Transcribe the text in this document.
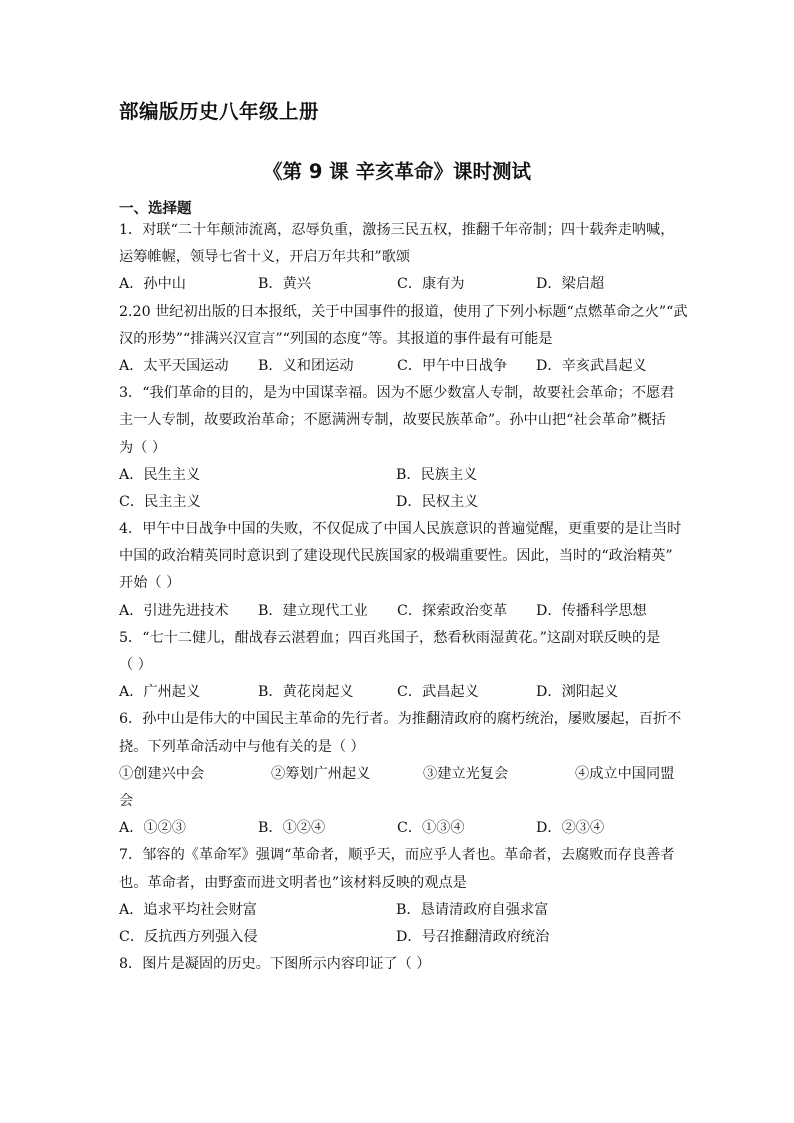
部编版历史八年级上册
《第 9 课 辛亥革命》课时测试
一、选择题
1．对联“二十年颠沛流离，忍辱负重，激扬三民五权，推翻千年帝制；四十载奔走呐喊，
运筹帷幄，领导七省十义，开启万年共和”歌颂
A．孙中山	B．黄兴	C．康有为	D．梁启超
2.20 世纪初出版的日本报纸，关于中国事件的报道，使用了下列小标题“点燃革命之火”“武
汉的形势”“排满兴汉宣言”“列国的态度”等。其报道的事件最有可能是
A．太平天国运动	B．义和团运动	C．甲午中日战争	D．辛亥武昌起义
3．“我们革命的目的，是为中国谋幸福。因为不愿少数富人专制，故要社会革命；不愿君
主一人专制，故要政治革命；不愿满洲专制，故要民族革命”。孙中山把“社会革命”概括
为（ ）
A．民生主义	B．民族主义
C．民主主义	D．民权主义
4．甲午中日战争中国的失败，不仅促成了中国人民族意识的普遍觉醒，更重要的是让当时
中国的政治精英同时意识到了建设现代民族国家的极端重要性。因此，当时的“政治精英”
开始（ ）
A．引进先进技术	B．建立现代工业	C．探索政治变革	D．传播科学思想
5．“七十二健儿，酣战春云湛碧血；四百兆国子，愁看秋雨湿黄花。”这副对联反映的是
（ ）
A．广州起义	B．黄花岗起义	C．武昌起义	D．浏阳起义
6．孙中山是伟大的中国民主革命的先行者。为推翻清政府的腐朽统治，屡败屡起，百折不
挠。下列革命活动中与他有关的是（ ）
①创建兴中会	②筹划广州起义	③建立光复会	④成立中国同盟
会
A．①②③	B．①②④	C．①③④	D．②③④
7．邹容的《革命军》强调“革命者，顺乎天，而应乎人者也。革命者，去腐败而存良善者
也。革命者，由野蛮而进文明者也”该材料反映的观点是
A．追求平均社会财富	B．恳请清政府自强求富
C．反抗西方列强入侵	D．号召推翻清政府统治
8．图片是凝固的历史。下图所示内容印证了（ ）
